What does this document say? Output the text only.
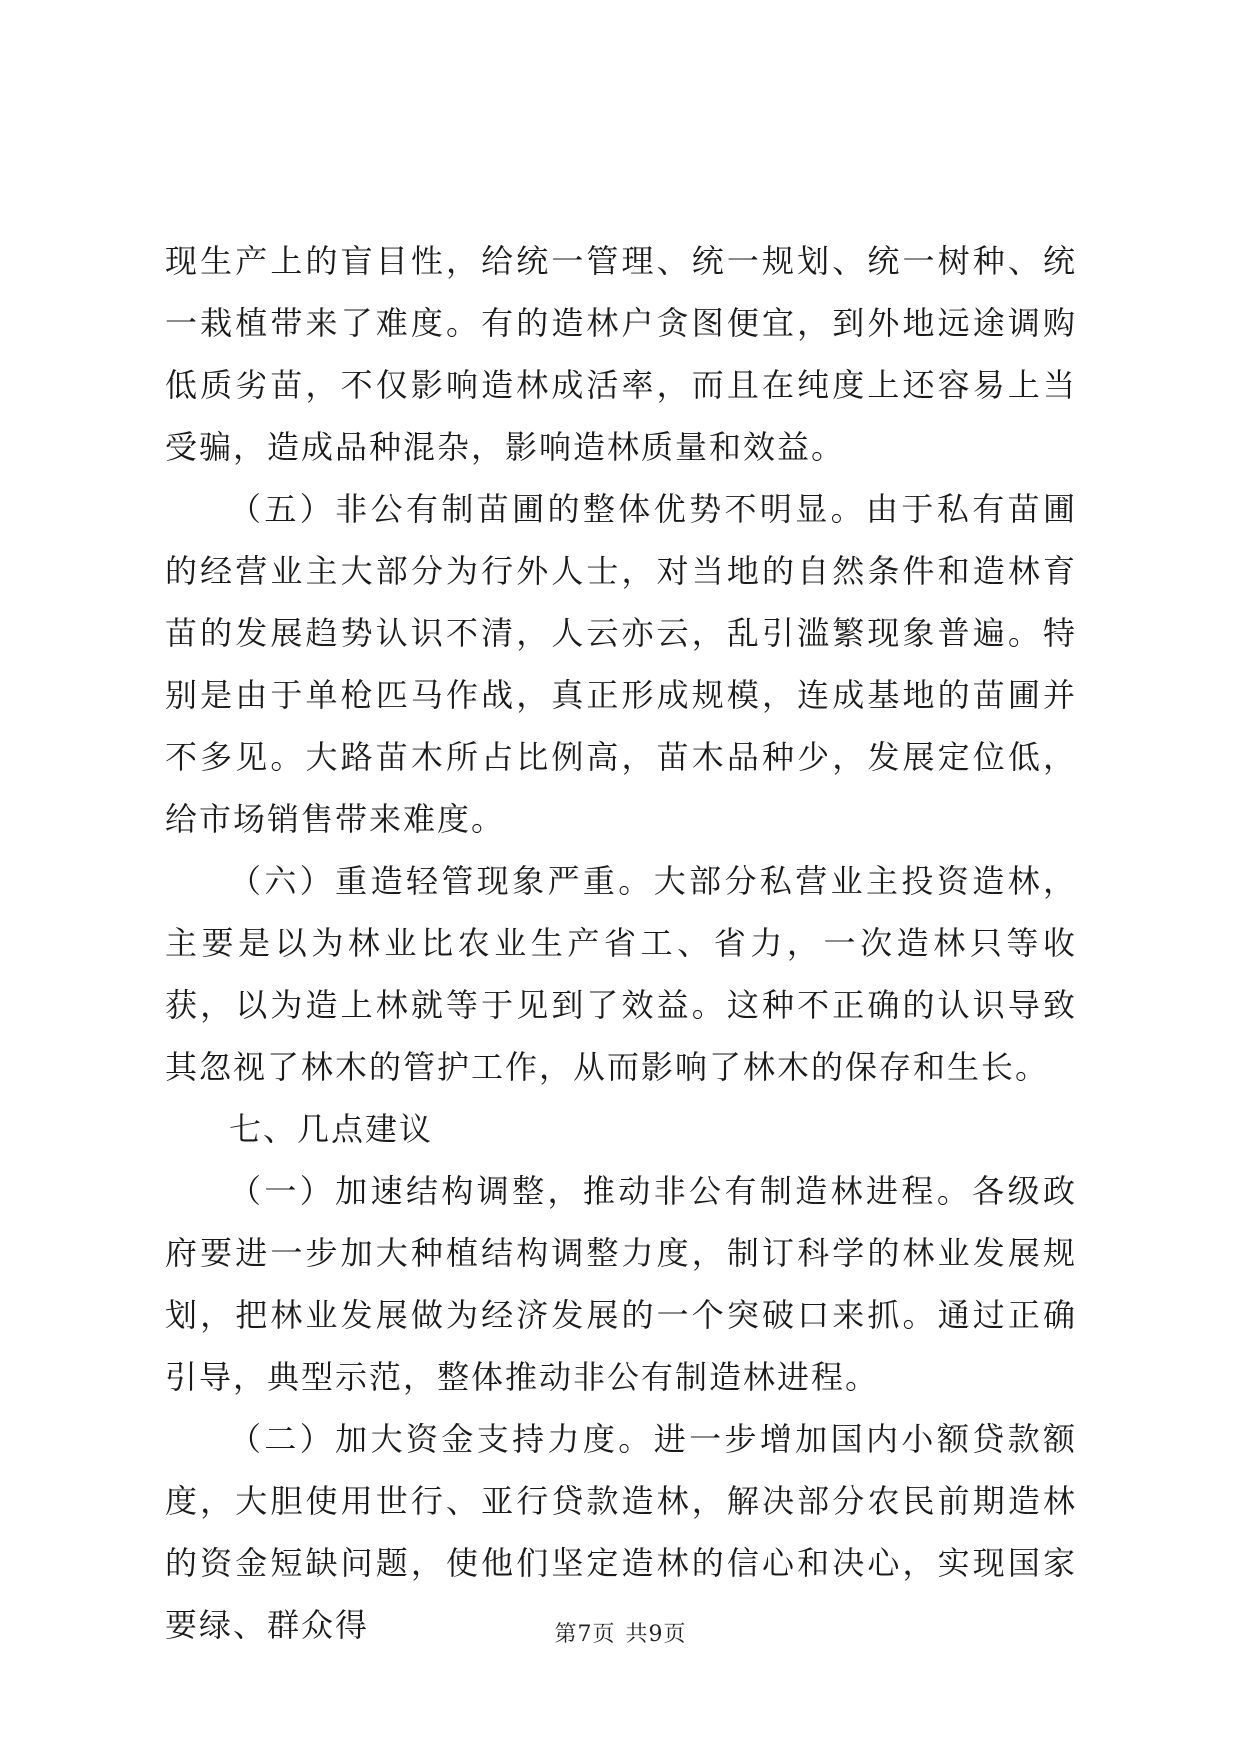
现生产上的盲目性，给统一管理、统一规划、统一树种、统一栽植带来了难度。有的造林户贪图便宜，到外地远途调购低质劣苗，不仅影响造林成活率，而且在纯度上还容易上当受骗，造成品种混杂，影响造林质量和效益。

（五）非公有制苗圃的整体优势不明显。由于私有苗圃的经营业主大部分为行外人士，对当地的自然条件和造林育苗的发展趋势认识不清，人云亦云，乱引滥繁现象普遍。特别是由于单枪匹马作战，真正形成规模，连成基地的苗圃并不多见。大路苗木所占比例高，苗木品种少，发展定位低，给市场销售带来难度。

（六）重造轻管现象严重。大部分私营业主投资造林，主要是以为林业比农业生产省工、省力，一次造林只等收获，以为造上林就等于见到了效益。这种不正确的认识导致其忽视了林木的管护工作，从而影响了林木的保存和生长。

七、几点建议

（一）加速结构调整，推动非公有制造林进程。各级政府要进一步加大种植结构调整力度，制订科学的林业发展规划，把林业发展做为经济发展的一个突破口来抓。通过正确引导，典型示范，整体推动非公有制造林进程。

（二）加大资金支持力度。进一步增加国内小额贷款额度，大胆使用世行、亚行贷款造林，解决部分农民前期造林的资金短缺问题，使他们坚定造林的信心和决心，实现国家要绿、群众得	第7页 共9页
